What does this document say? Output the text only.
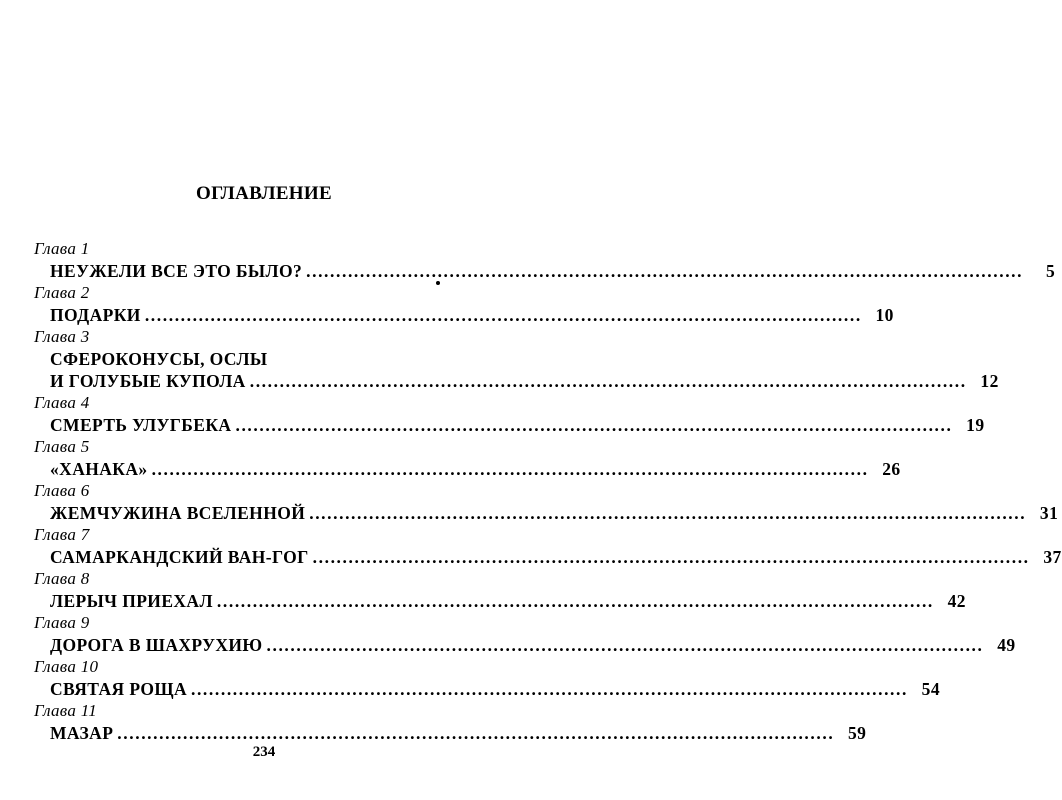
ОГЛАВЛЕНИЕ
Глава 1
НЕУЖЕЛИ ВСЕ ЭТО БЫЛО? ........................................................................................................................	5
Глава 2
ПОДАРКИ ........................................................................................................................ 10
Глава 3
СФЕРОКОНУСЫ, ОСЛЫ
И ГОЛУБЫЕ КУПОЛА ........................................................................................................................ 12
Глава 4
СМЕРТЬ УЛУГБЕКА ........................................................................................................................ 19
Глава 5
«ХАНАКА» ........................................................................................................................ 26
Глава 6
ЖЕМЧУЖИНА ВСЕЛЕННОЙ ........................................................................................................................ 31
Глава 7
САМАРКАНДСКИЙ ВАН-ГОГ ........................................................................................................................ 37
Глава 8
ЛЕРЫЧ ПРИЕХАЛ ........................................................................................................................ 42
Глава 9
ДОРОГА В ШАХРУХИЮ ........................................................................................................................ 49
Глава 10
СВЯТАЯ РОЩА ........................................................................................................................ 54
Глава 11
МАЗАР ........................................................................................................................ 59
234
